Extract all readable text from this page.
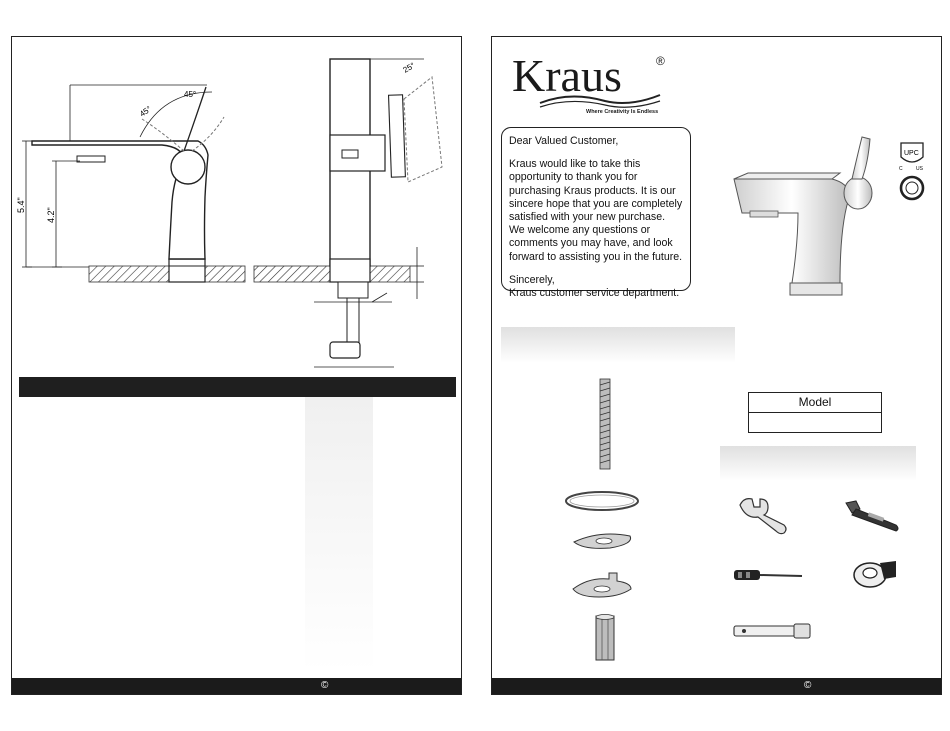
5.4"
4.2"
45°
45°
25°
©
Kraus	®
Where Creativity Is Endless

Dear Valued Customer,

Kraus would like to take this opportunity to thank you for purchasing Kraus products. It is our sincere hope that you are completely satisfied with your new purchase. We welcome any questions or comments you may have, and look forward to assisting you in the future.

Sincerely,

Kraus customer service department.

UPC
C	US
Model
©
